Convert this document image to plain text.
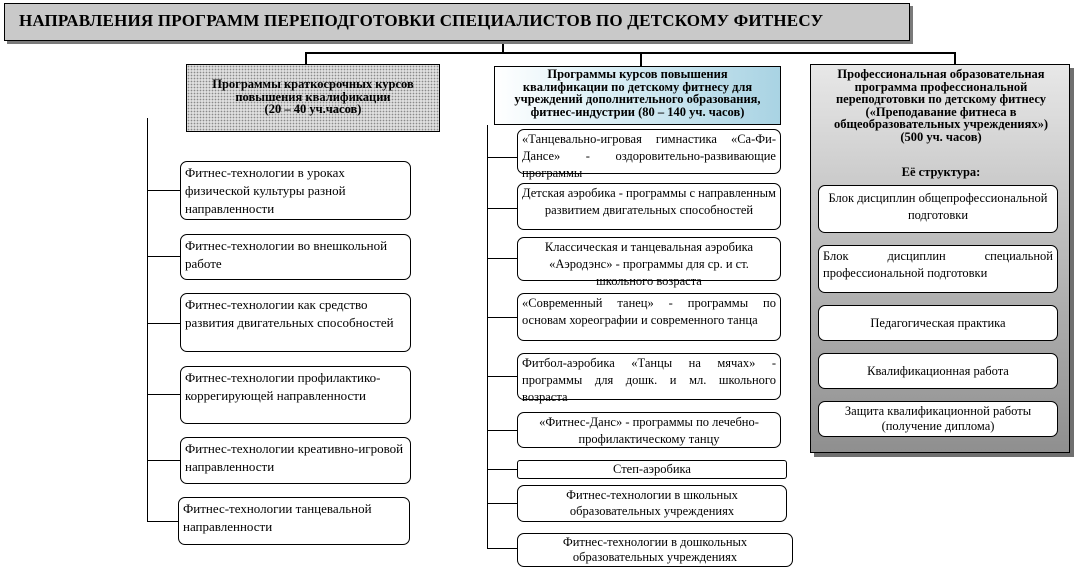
НАПРАВЛЕНИЯ ПРОГРАММ ПЕРЕПОДГОТОВКИ СПЕЦИАЛИСТОВ ПО ДЕТСКОМУ ФИТНЕСУ
Программы краткосрочных курсов
повышения квалификации
(20 – 40 уч.часов)
Фитнес-технологии в уроках физической культуры разной направленности
Фитнес-технологии во внешкольной работе
Фитнес-технологии как средство развития двигательных способностей
Фитнес-технологии профилактико-коррегирующей направленности
Фитнес-технологии креативно-игровой направленности
Фитнес-технологии танцевальной направленности
Программы курсов повышения
квалификации по детскому фитнесу для
учреждений дополнительного образования,
фитнес-индустрии (80 – 140 уч. часов)
«Танцевально-игровая гимнастика «Са-Фи-Дансе» - оздоровительно-развивающие программы
Детская аэробика - программы с направленным развитием двигательных способностей
Классическая и танцевальная аэробика «Аэродэнс» - программы для ср. и ст. школьного возраста
«Современный танец» - программы по основам хореографии и современного танца
Фитбол-аэробика «Танцы на мячах» - программы для дошк. и мл. школьного возраста
«Фитнес-Данс» - программы по лечебно-профилактическому танцу
Степ-аэробика
Фитнес-технологии в школьных образовательных учреждениях
Фитнес-технологии в дошкольных образовательных учреждениях
Профессиональная образовательная
программа профессиональной
переподготовки по детскому фитнесу
(«Преподавание фитнеса в
общеобразовательных учреждениях»)
(500 уч. часов)
Её структура:
Блок дисциплин общепрофессиональной подготовки
Блок дисциплин специальной профессиональной подготовки
Педагогическая практика
Квалификационная работа
Защита квалификационной работы (получение диплома)
